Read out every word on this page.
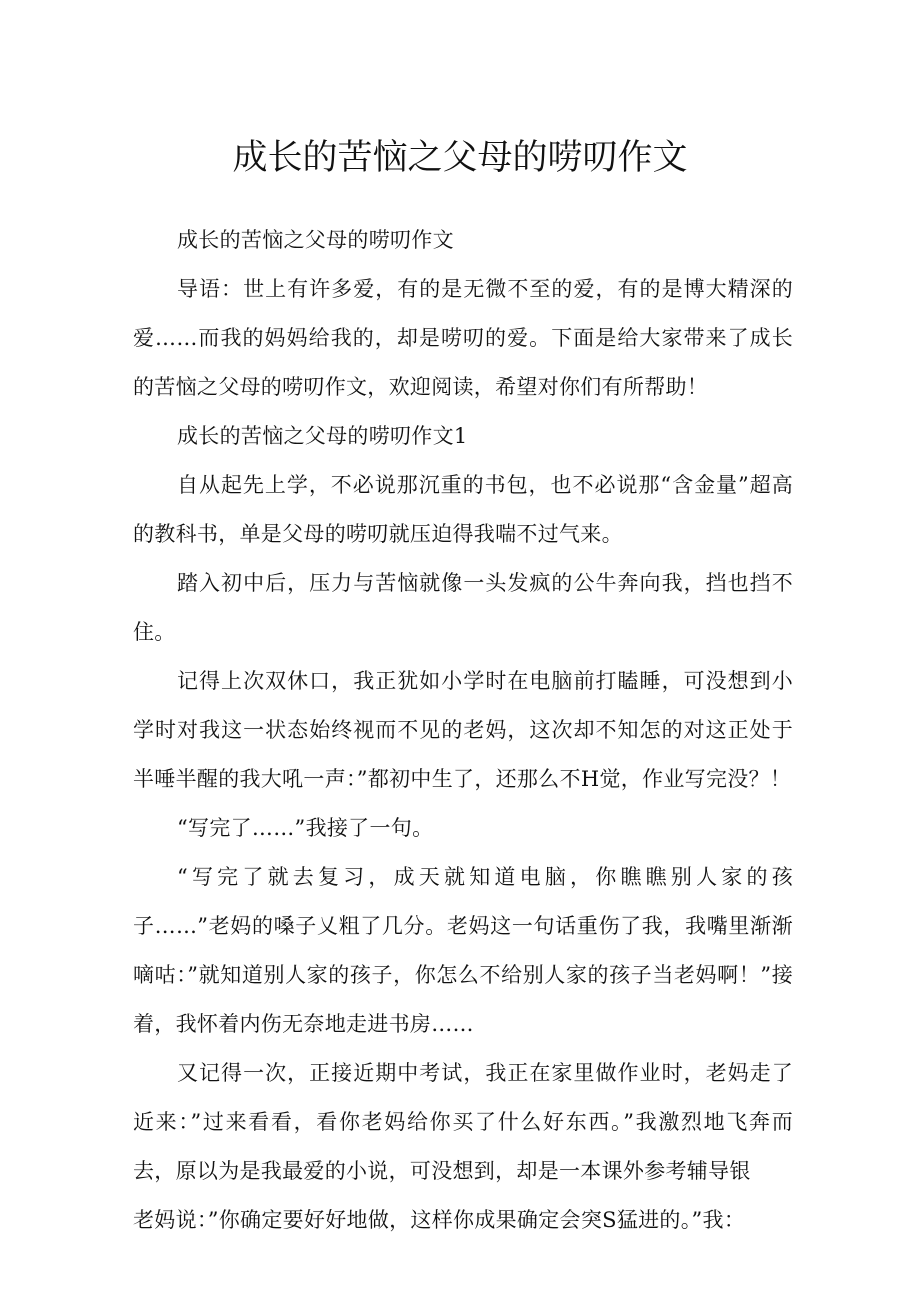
成长的苦恼之父母的唠叨作文

成长的苦恼之父母的唠叨作文

导语：世上有许多爱，有的是无微不至的爱，有的是博大精深的爱……而我的妈妈给我的，却是唠叨的爱。下面是给大家带来了成长的苦恼之父母的唠叨作文，欢迎阅读，希望对你们有所帮助！

成长的苦恼之父母的唠叨作文1

自从起先上学，不必说那沉重的书包，也不必说那“含金量”超高的教科书，单是父母的唠叨就压迫得我喘不过气来。

踏入初中后，压力与苦恼就像一头发疯的公牛奔向我，挡也挡不住。

记得上次双休口，我正犹如小学时在电脑前打瞌睡，可没想到小学时对我这一状态始终视而不见的老妈，这次却不知怎的对这正处于半唾半醒的我大吼一声：”都初中生了，还那么不H觉，作业写完没？！

“写完了……”我接了一句。

“写完了就去复习，成天就知道电脑，你瞧瞧别人家的孩子……”老妈的嗓子乂粗了几分。老妈这一句话重伤了我，我嘴里渐渐嘀咕：”就知道别人家的孩子，你怎么不给别人家的孩子当老妈啊！”接着，我怀着内伤无奈地走进书房……

又记得一次，正接近期中考试，我正在家里做作业时，老妈走了近来：”过来看看，看你老妈给你买了什么好东西。”我激烈地飞奔而去，原以为是我最爱的小说，可没想到，却是一本课外参考辅导银

老妈说：”你确定要好好地做，这样你成果确定会突S猛进的。”我：
